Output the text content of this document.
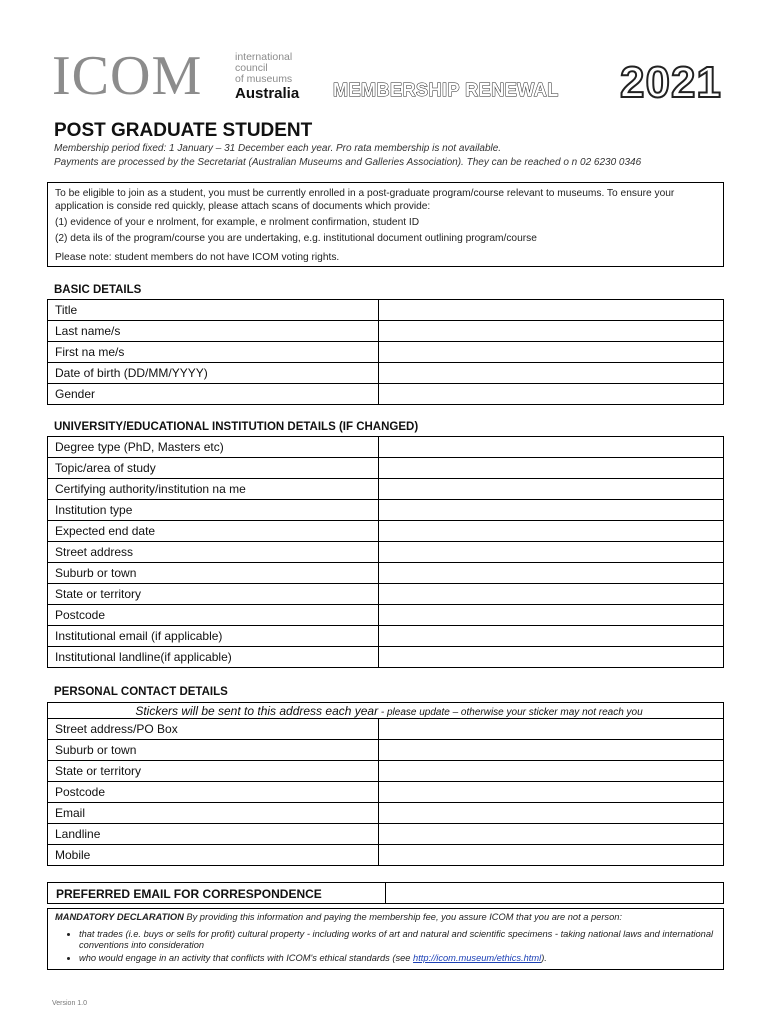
ICOM	international
council
of museums
Australia MEMBERSHIP RENEWAL 2021
POST GRADUATE STUDENT
Membership period fixed: 1 January – 31 December each year. Pro rata membership is not available.
Payments are processed by the Secretariat (Australian Museums and Galleries Association). They can be reached o n 02 6230 0346
To be eligible to join as a student, you must be currently enrolled in a post-graduate program/course relevant to museums. To ensure your
application is conside red quickly, please attach scans of documents which provide:
(1) evidence of your e nrolment, for example, e nrolment confirmation, student ID
(2) deta ils of the program/course you are undertaking, e.g. institutional document outlining program/course
Please note: student members do not have ICOM voting rights.
BASIC DETAILS
Title	
Last name/s	
First na me/s	
Date of birth (DD/MM/YYYY)	
Gender	
UNIVERSITY/EDUCATIONAL INSTITUTION DETAILS (IF CHANGED)
Degree type (PhD, Masters etc)	
Topic/area of study	
Certifying authority/institution na me	
Institution type	
Expected end date	
Street address	
Suburb or town	
State or territory	
Postcode	
Institutional email (if applicable)	
Institutional landline(if applicable)	
PERSONAL CONTACT DETAILS
Stickers will be sent to this address each year - please update – otherwise your sticker may not reach you	
Street address/PO Box	
Suburb or town	
State or territory	
Postcode	
Email	
Landline	
Mobile	
PREFERRED EMAIL FOR CORRESPONDENCE
MANDATORY DECLARATION By providing this information and paying the membership fee, you assure ICOM that you are not a person:
• that trades (i.e. buys or sells for profit) cultural property - including works of art and natural and scientific specimens - taking national laws and international conventions into consideration
• who would engage in an activity that conflicts with ICOM's ethical standards (see http://icom.museum/ethics.html).
Version 1.0
